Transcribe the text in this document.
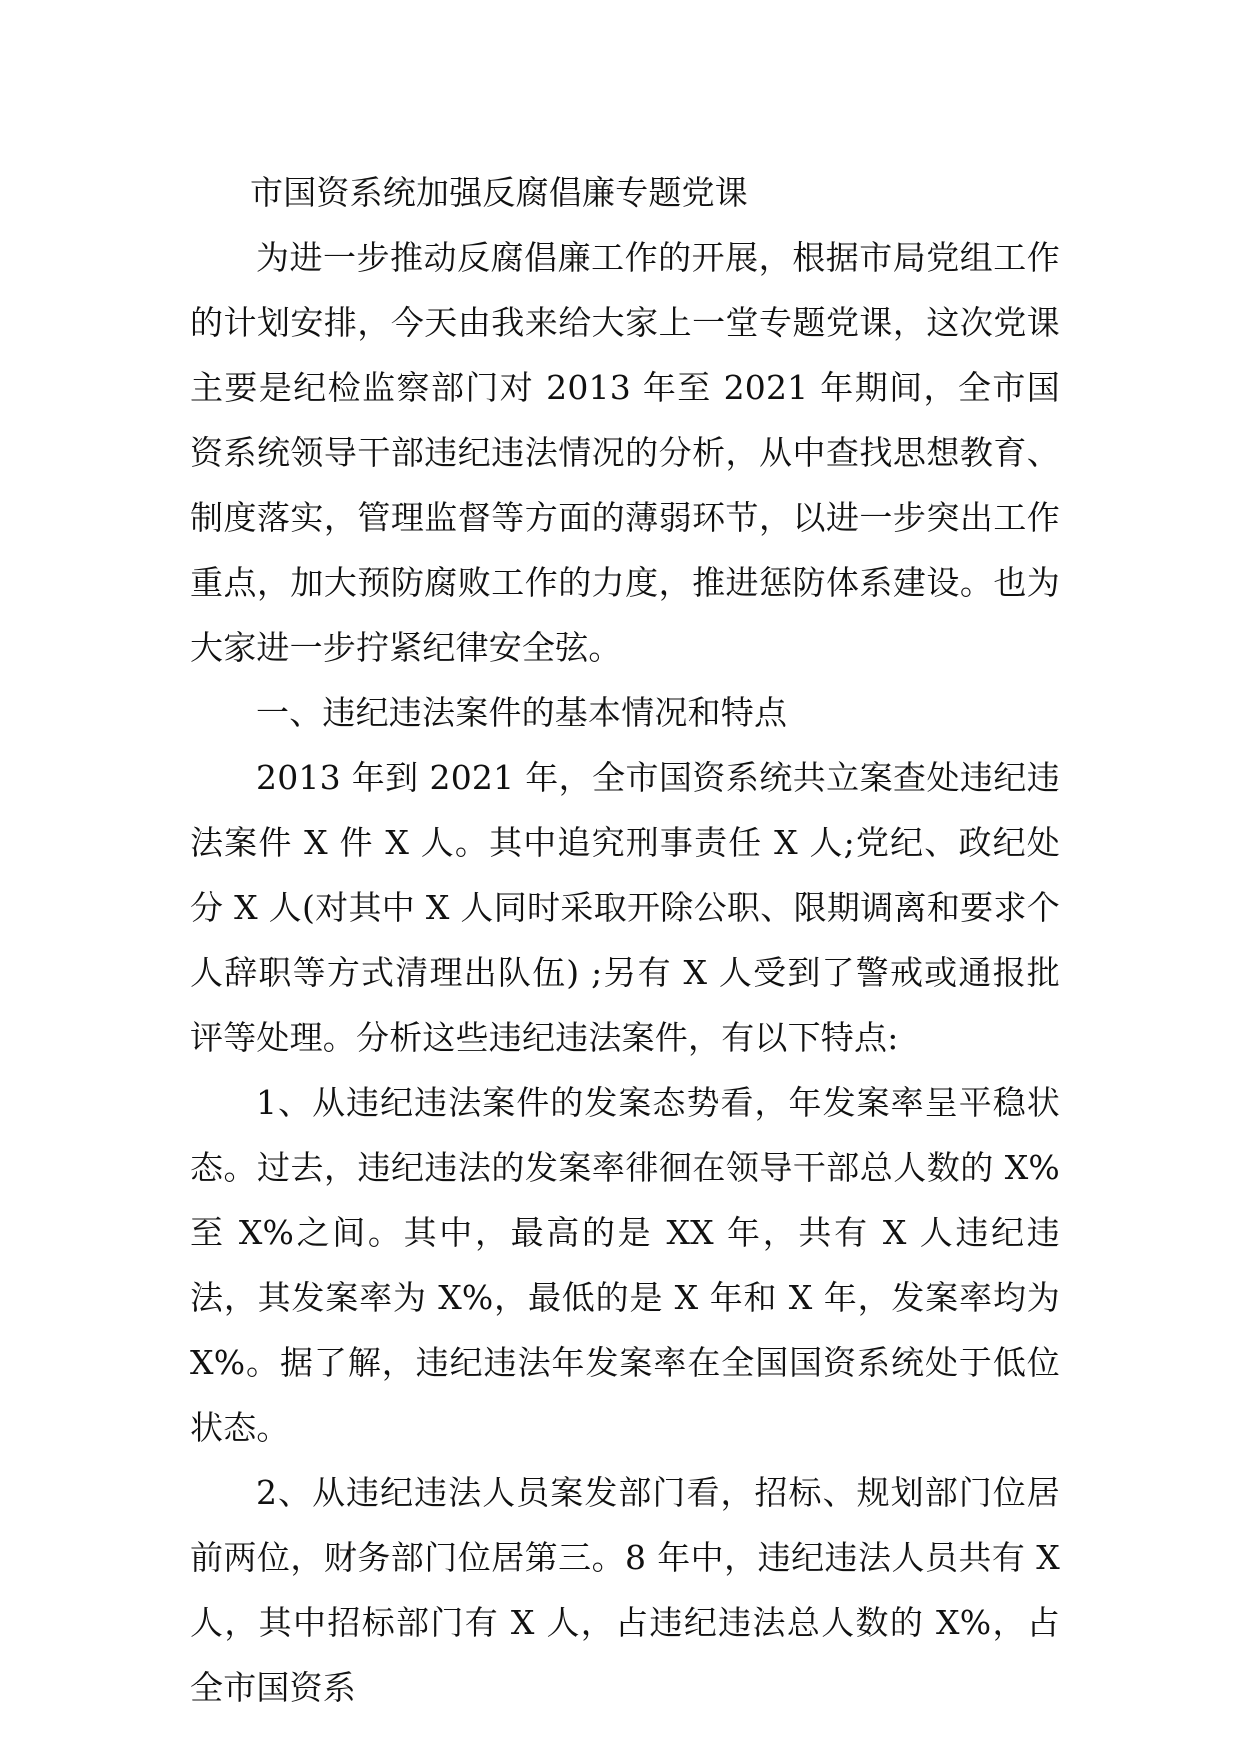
市国资系统加强反腐倡廉专题党课

为进一步推动反腐倡廉工作的开展，根据市局党组工作的计划安排，今天由我来给大家上一堂专题党课，这次党课主要是纪检监察部门对 2013 年至 2021 年期间，全市国资系统领导干部违纪违法情况的分析，从中查找思想教育、制度落实，管理监督等方面的薄弱环节，以进一步突出工作重点，加大预防腐败工作的力度，推进惩防体系建设。也为大家进一步拧紧纪律安全弦。

一、违纪违法案件的基本情况和特点

2013 年到 2021 年，全市国资系统共立案查处违纪违法案件 X 件 X 人。其中追究刑事责任 X 人;党纪、政纪处分 X 人(对其中 X 人同时采取开除公职、限期调离和要求个人辞职等方式清理出队伍) ;另有 X 人受到了警戒或通报批评等处理。分析这些违纪违法案件，有以下特点:

1、从违纪违法案件的发案态势看，年发案率呈平稳状态。过去，违纪违法的发案率徘徊在领导干部总人数的 X%至 X%之间。其中，最高的是 XX 年，共有 X 人违纪违法，其发案率为 X%，最低的是 X 年和 X 年，发案率均为 X%。据了解，违纪违法年发案率在全国国资系统处于低位状态。

2、从违纪违法人员案发部门看，招标、规划部门位居前两位，财务部门位居第三。8 年中，违纪违法人员共有 X 人，其中招标部门有 X 人，占违纪违法总人数的 X%，占全市国资系
